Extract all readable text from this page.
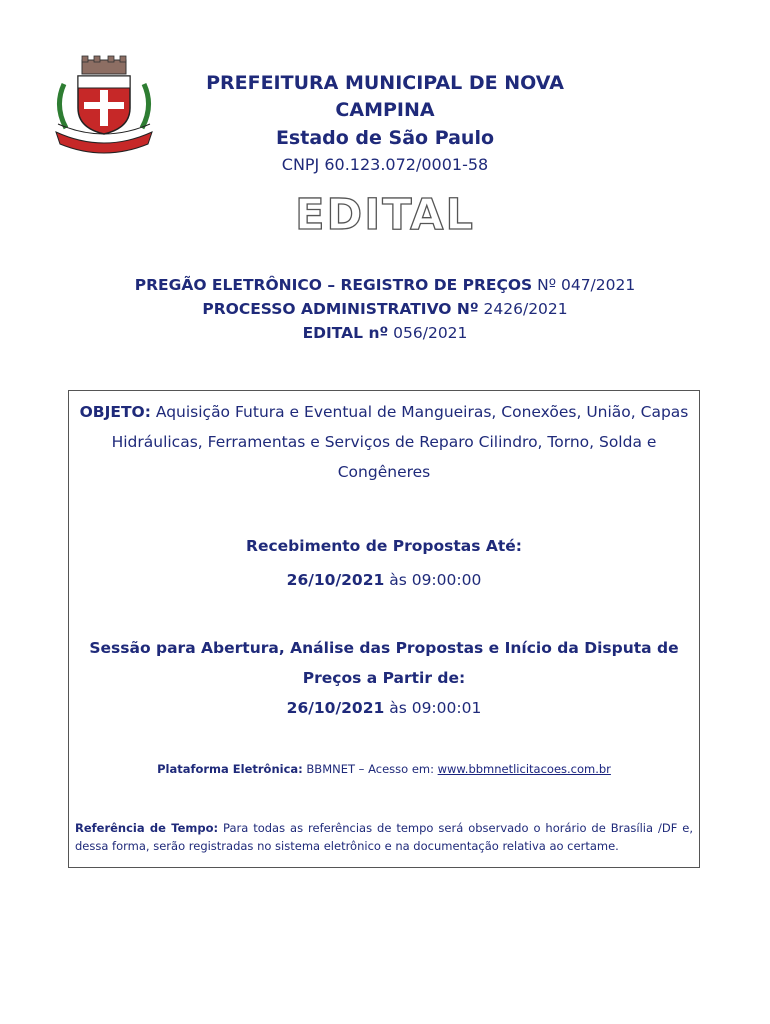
PREFEITURA MUNICIPAL DE NOVA CAMPINA

Estado de São Paulo

CNPJ 60.123.072/0001-58

EDITAL
PREGÃO ELETRÔNICO – REGISTRO DE PREÇOS Nº 047/2021
PROCESSO ADMINISTRATIVO Nº 2426/2021
EDITAL nº 056/2021
OBJETO: Aquisição Futura e Eventual de Mangueiras, Conexões, União, Capas Hidráulicas, Ferramentas e Serviços de Reparo Cilindro, Torno, Solda e Congêneres
Recebimento de Propostas Até:
26/10/2021 às 09:00:00
Sessão para Abertura, Análise das Propostas e Início da Disputa de Preços a Partir de:
26/10/2021 às 09:00:01
Plataforma Eletrônica: BBMNET – Acesso em: www.bbmnetlicitacoes.com.br
Referência de Tempo: Para todas as referências de tempo será observado o horário de Brasília /DF e, dessa forma, serão registradas no sistema eletrônico e na documentação relativa ao certame.
